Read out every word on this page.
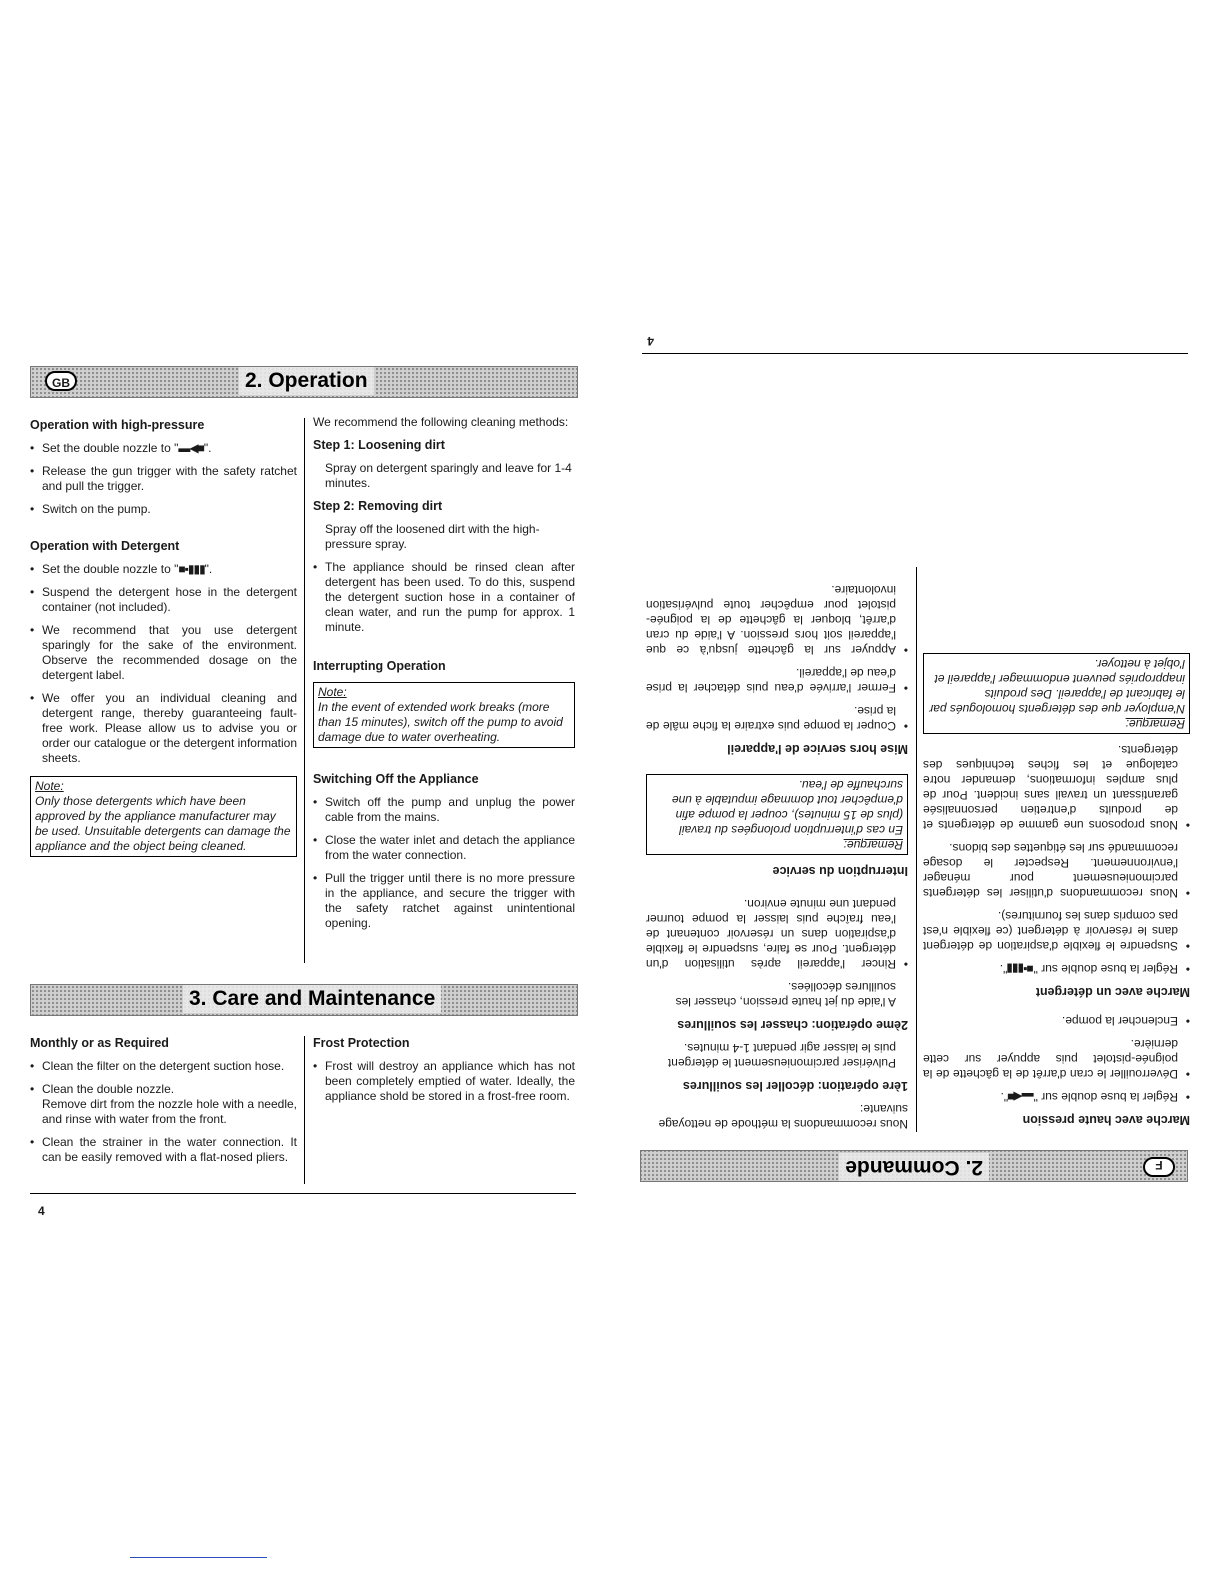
GB	2. Operation
Operation with high-pressure
• Set the double nozzle to "▬◀■".
• Release the gun trigger with the safety ratchet and pull the trigger.
• Switch on the pump.
Operation with Detergent
• Set the double nozzle to "■▪▮▮▮".
• Suspend the detergent hose in the detergent container (not included).
• We recommend that you use detergent sparingly for the sake of the environment. Observe the recommended dosage on the detergent label.
• We offer you an individual cleaning and detergent range, thereby guaranteeing fault-free work. Please allow us to advise you or order our catalogue or the detergent information sheets.
Note:
Only those detergents which have been approved by the appliance manufacturer may be used. Unsuitable detergents can damage the appliance and the object being cleaned.
We recommend the following cleaning methods:
Step 1: Loosening dirt
Spray on detergent sparingly and leave for 1-4 minutes.
Step 2: Removing dirt
Spray off the loosened dirt with the high-pressure spray.
• The appliance should be rinsed clean after detergent has been used. To do this, suspend the detergent suction hose in a container of clean water, and run the pump for approx. 1 minute.
Interrupting Operation
Note:
In the event of extended work breaks (more than 15 minutes), switch off the pump to avoid damage due to water overheating.
Switching Off the Appliance
• Switch off the pump and unplug the power cable from the mains.
• Close the water inlet and detach the appliance from the water connection.
• Pull the trigger until there is no more pressure in the appliance, and secure the trigger with the safety ratchet against unintentional opening.
3. Care and Maintenance
Monthly or as Required
• Clean the filter on the detergent suction hose.
• Clean the double nozzle.
Remove dirt from the nozzle hole with a needle, and rinse with water from the front.
• Clean the strainer in the water connection. It can be easily removed with a flat-nosed pliers.
Frost Protection
• Frost will destroy an appliance which has not been completely emptied of water. Ideally, the appliance shold be stored in a frost-free room.
4
F
2. Commande
Marche avec haute pression
• Régler la buse double sur "▬◀■".
• Déverrouiller le cran d'arrêt de la gâchette de la poignée-pistolet puis appuyer sur cette dernière.
• Enclencher la pompe.
Marche avec un détergent
• Régler la buse double sur "■▪▮▮▮".
• Suspendre le flexible d'aspiration de détergent dans le réservoir à détergent (ce flexible n'est pas compris dans les fournitures).
• Nous recommandons d'utiliser les détergents parcimonieusement pour ménager l'environnement. Respecter le dosage recommandé sur les étiquettes des bidons.
• Nous proposons une gamme de détergents et de produits d'entretien personnalisée garantissant un travail sans incident. Pour de plus amples informations, demander notre catalogue et les fiches techniques des détergents.
Remarque:
N'employer que des détergents homologués par le fabricant de l'appareil. Des produits inappropriés peuvent endommager l'appareil et l'objet à nettoyer.
Nous recommandons la méthode de nettoyage suivante:
1ère opération: décoller les souillures
Pulvériser parcimonieusement le détergent puis le laisser agir pendant 1-4 minutes.
2ème opération: chasser les souillures
A l'aide du jet haute pression, chasser les souillures décollées.
• Rincer l'appareil après utilisation d'un détergent. Pour se faire, suspendre le flexible d'aspiration dans un réservoir contenant de l'eau fraîche puis laisser la pompe tourner pendant une minute environ.
Interruption du service
Remarque:
En cas d'interruption prolongées du travail (plus de 15 minutes), couper la pompe afin d'empêcher tout dommage imputable à une surchauffe de l'eau.
Mise hors service de l'appareil
• Couper la pompe puis extraire la fiche mâle de la prise.
• Fermer l'arrivée d'eau puis détacher la prise d'eau de l'appareil.
• Appuyer sur la gâchette jusqu'à ce que l'appareil soit hors pression. A l'aide du cran d'arrêt, bloquer la gâchette de la poignée-pistolet pour empêcher toute pulvérisation involontaire.
4
